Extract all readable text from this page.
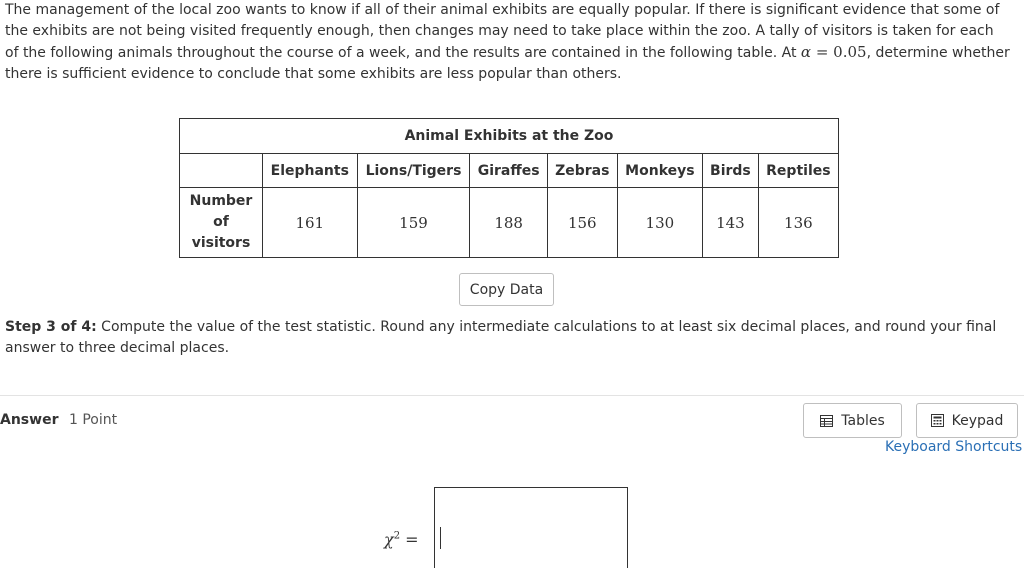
The management of the local zoo wants to know if all of their animal exhibits are equally popular. If there is significant evidence that some of the exhibits are not being visited frequently enough, then changes may need to take place within the zoo. A tally of visitors is taken for each of the following animals throughout the course of a week, and the results are contained in the following table. At α = 0.05, determine whether there is sufficient evidence to conclude that some exhibits are less popular than others.
Animal Exhibits at the Zoo							
	Elephants	Lions/Tigers	Giraffes	Zebras	Monkeys	Birds	Reptiles
Number
of
visitors	161	159	188	156	130	143	136
Copy Data
Step 3 of 4: Compute the value of the test statistic. Round any intermediate calculations to at least six decimal places, and round your final answer to three decimal places.
Answer 1 Point	Tables	Keypad
Keyboard Shortcuts
$\chi^2$ =
